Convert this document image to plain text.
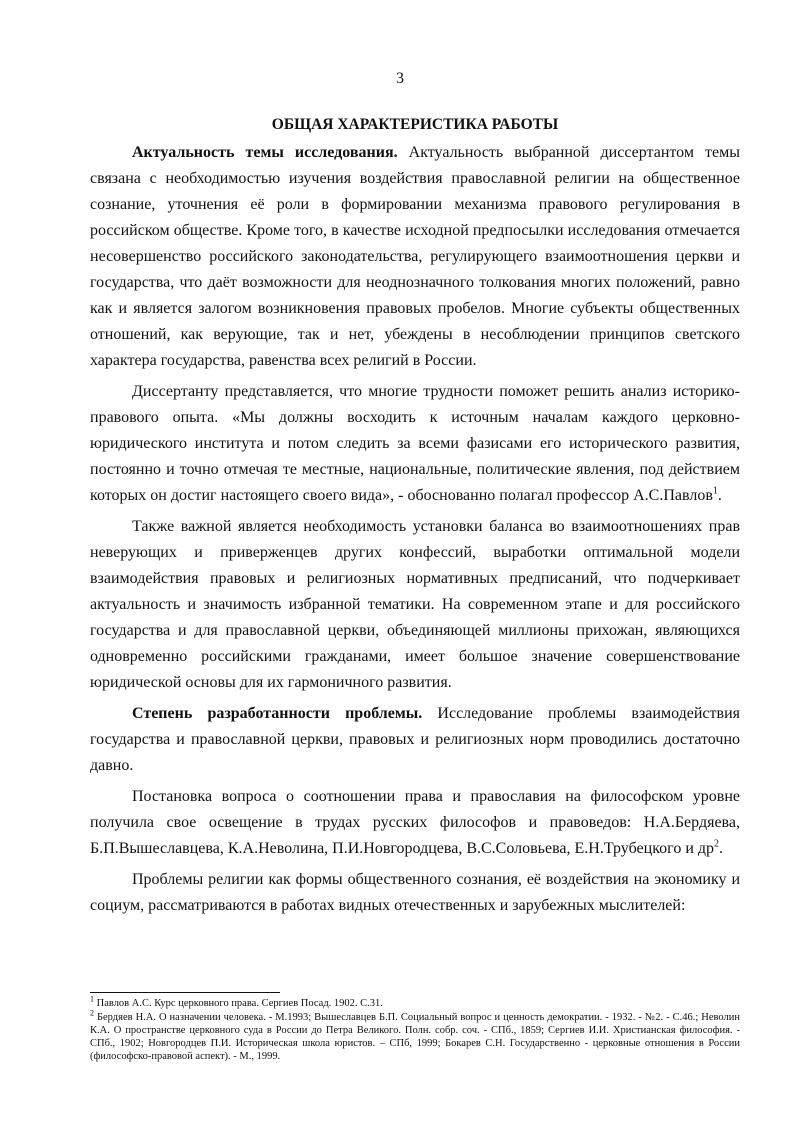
3
ОБЩАЯ ХАРАКТЕРИСТИКА РАБОТЫ

Актуальность темы исследования. Актуальность выбранной диссертантом темы связана с необходимостью изучения воздействия православной религии на общественное сознание, уточнения её роли в формировании механизма правового регулирования в российском обществе. Кроме того, в качестве исходной предпосылки исследования отмечается несовершенство российского законодательства, регулирующего взаимоотношения церкви и государства, что даёт возможности для неоднозначного толкования многих положений, равно как и является залогом возникновения правовых пробелов. Многие субъекты общественных отношений, как верующие, так и нет, убеждены в несоблюдении принципов светского характера государства, равенства всех религий в России.

Диссертанту представляется, что многие трудности поможет решить анализ историко-правового опыта. «Мы должны восходить к источным началам каждого церковно-юридического института и потом следить за всеми фазисами его исторического развития, постоянно и точно отмечая те местные, национальные, политические явления, под действием которых он достиг настоящего своего вида», - обоснованно полагал профессор А.С.Павлов$^1$.

Также важной является необходимость установки баланса во взаимоотношениях прав неверующих и приверженцев других конфессий, выработки оптимальной модели взаимодействия правовых и религиозных нормативных предписаний, что подчеркивает актуальность и значимость избранной тематики. На современном этапе и для российского государства и для православной церкви, объединяющей миллионы прихожан, являющихся одновременно российскими гражданами, имеет большое значение совершенствование юридической основы для их гармоничного развития.

Степень разработанности проблемы. Исследование проблемы взаимодействия государства и православной церкви, правовых и религиозных норм проводились достаточно давно.

Постановка вопроса о соотношении права и православия на философском уровне получила свое освещение в трудах русских философов и правоведов: Н.А.Бердяева, Б.П.Вышеславцева, К.А.Неволина, П.И.Новгородцева, В.С.Соловьева, Е.Н.Трубецкого и $др^2$.

Проблемы религии как формы общественного сознания, её воздействия на экономику и социум, рассматриваются в работах видных отечественных и зарубежных мыслителей:

$^1$ Павлов А.С. Курс церковного права. Сергиев Посад. 1902. С.31.

$^2$ Бердяев Н.А. О назначении человека. - М.1993; Вышеславцев Б.П. Социальный вопрос и ценность демократии. - 1932. - №2. - С.46.; Неволин К.А. О пространстве церковного суда в России до Петра Великого. Полн. собр. соч. - СПб., 1859; Сергиев И.И. Христианская философия. - СПб., 1902; Новгородцев П.И. Историческая школа юристов. – СПб, 1999; Бокарев С.Н. Государственно - церковные отношения в России (философско-правовой аспект). - М., 1999.
